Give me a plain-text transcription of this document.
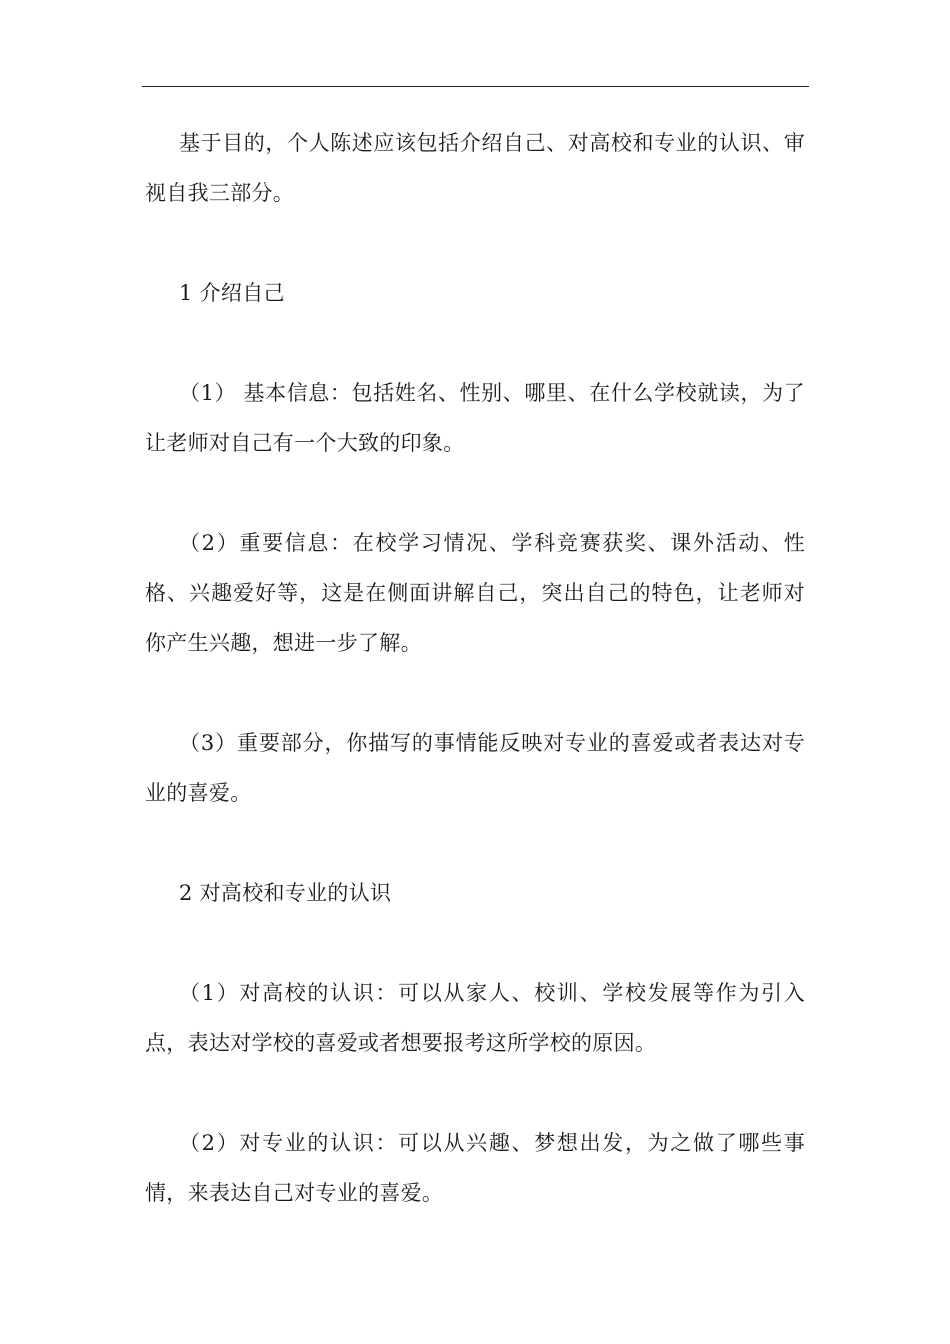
基于目的，个人陈述应该包括介绍自己、对高校和专业的认识、审视自我三部分。

1 介绍自己

（1） 基本信息：包括姓名、性别、哪里、在什么学校就读，为了让老师对自己有一个大致的印象。

（2）重要信息：在校学习情况、学科竞赛获奖、课外活动、性格、兴趣爱好等，这是在侧面讲解自己，突出自己的特色，让老师对你产生兴趣，想进一步了解。

（3）重要部分，你描写的事情能反映对专业的喜爱或者表达对专业的喜爱。

2 对高校和专业的认识

（1）对高校的认识：可以从家人、校训、学校发展等作为引入点，表达对学校的喜爱或者想要报考这所学校的原因。

（2）对专业的认识：可以从兴趣、梦想出发，为之做了哪些事情，来表达自己对专业的喜爱。
